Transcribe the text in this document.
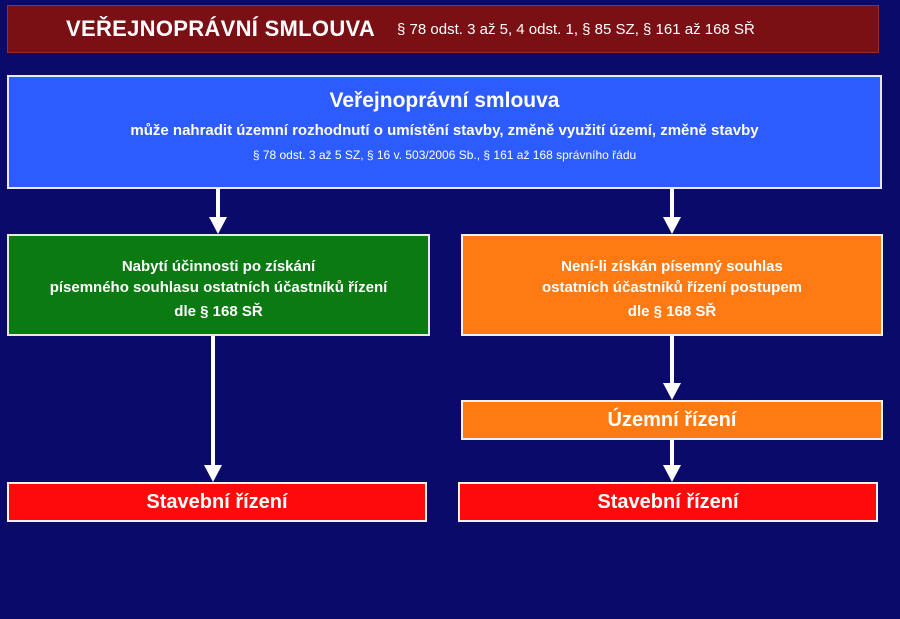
VEŘEJNOPRÁVNÍ SMLOUVA § 78 odst. 3 až 5, 4 odst. 1, § 85 SZ, § 161 až 168 SŘ
Veřejnoprávní smlouva
může nahradit územní rozhodnutí o umístění stavby, změně využití území, změně stavby
§ 78 odst. 3 až 5 SZ, § 16 v. 503/2006 Sb., § 161 až 168 správního řádu
Nabytí účinnosti po získání
písemného souhlasu ostatních účastníků řízení
dle § 168 SŘ
Není-li získán písemný souhlas
ostatních účastníků řízení postupem
dle § 168 SŘ
Územní řízení
Stavební řízení	Stavební řízení
